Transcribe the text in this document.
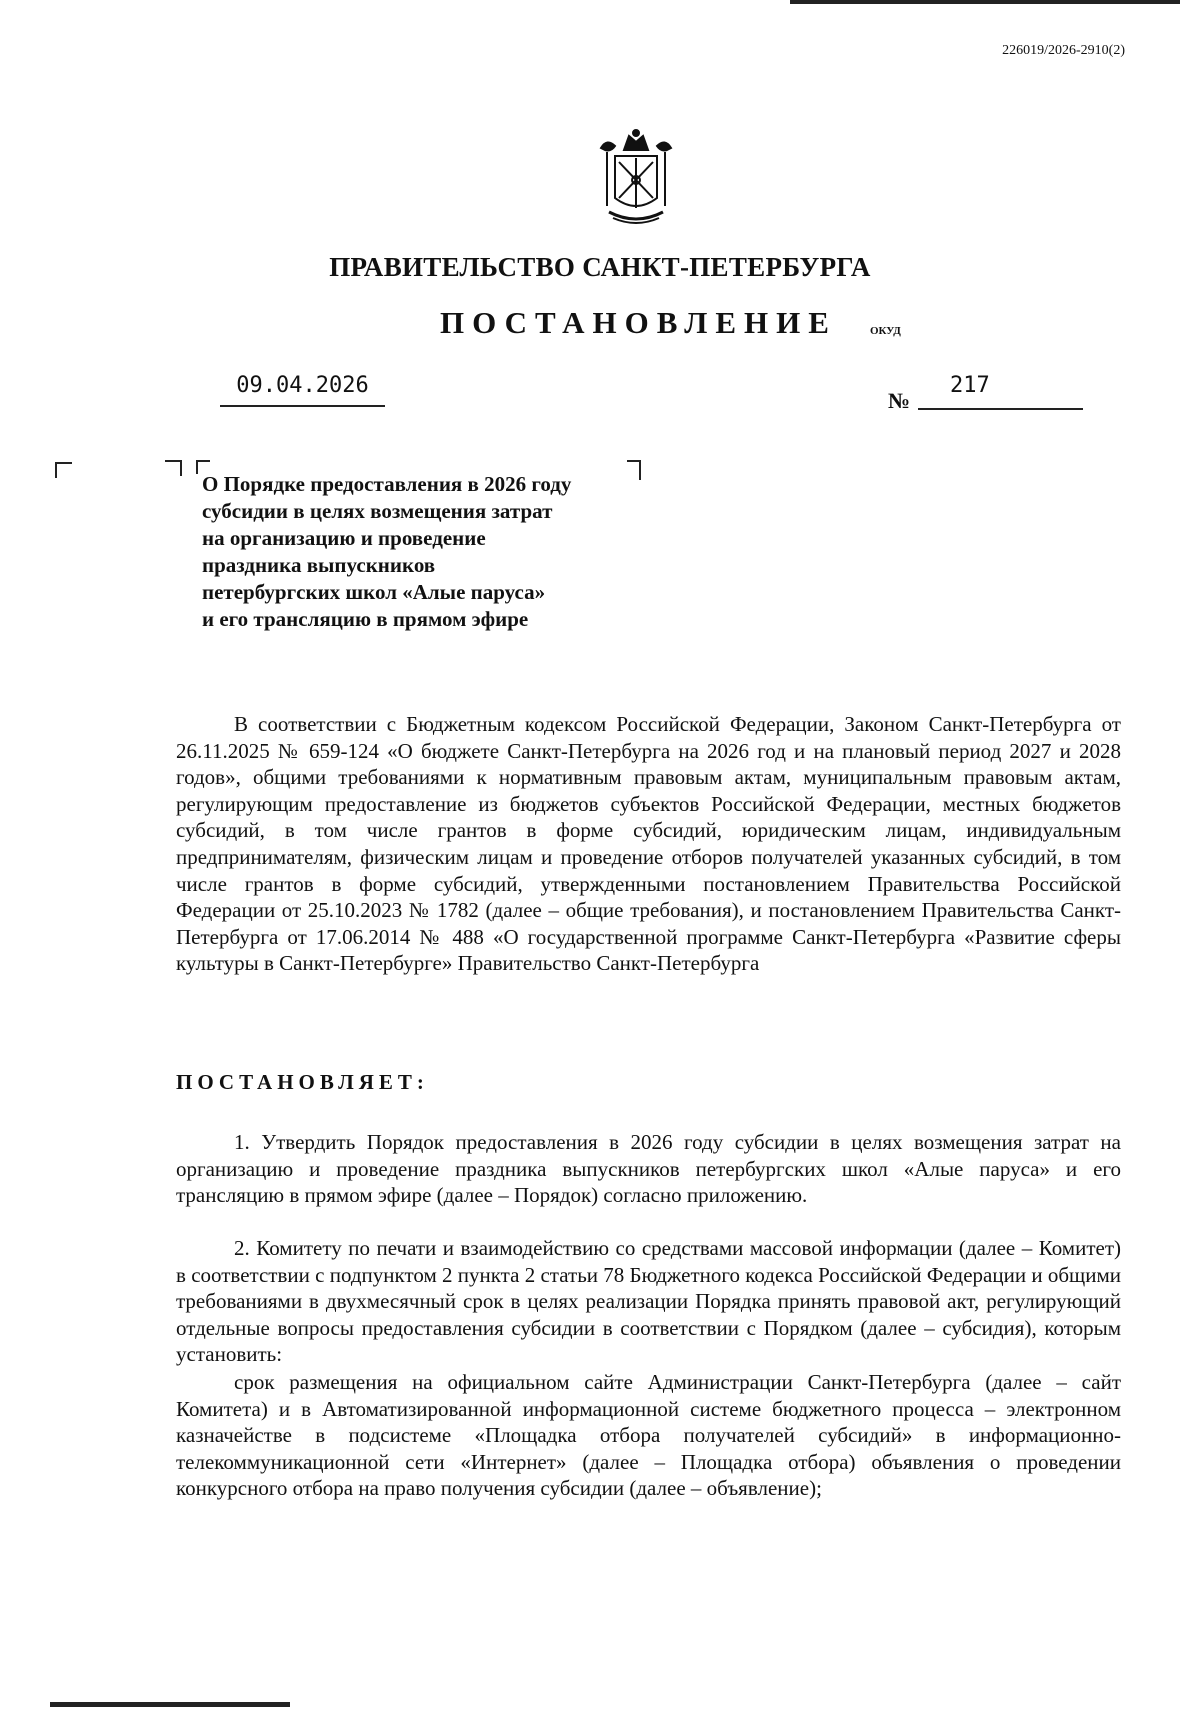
226019/2026-2910(2)
ПРАВИТЕЛЬСТВО САНКТ-ПЕТЕРБУРГА
ПОСТАНОВЛЕНИЕ	ОКУД
09.04.2026
№
217
О Порядке предоставления в 2026 году
субсидии в целях возмещения затрат
на организацию и проведение
праздника выпускников
петербургских школ «Алые паруса»
и его трансляцию в прямом эфире
В соответствии с Бюджетным кодексом Российской Федерации, Законом Санкт-Петербурга от 26.11.2025 № 659-124 «О бюджете Санкт-Петербурга на 2026 год и на плановый период 2027 и 2028 годов», общими требованиями к нормативным правовым актам, муниципальным правовым актам, регулирующим предоставление из бюджетов субъектов Российской Федерации, местных бюджетов субсидий, в том числе грантов в форме субсидий, юридическим лицам, индивидуальным предпринимателям, физическим лицам и проведение отборов получателей указанных субсидий, в том числе грантов в форме субсидий, утвержденными постановлением Правительства Российской Федерации от 25.10.2023 № 1782 (далее – общие требования), и постановлением Правительства Санкт-Петербурга от 17.06.2014 № 488 «О государственной программе Санкт-Петербурга «Развитие сферы культуры в Санкт-Петербурге» Правительство Санкт-Петербурга
ПОСТАНОВЛЯЕТ:
1. Утвердить Порядок предоставления в 2026 году субсидии в целях возмещения затрат на организацию и проведение праздника выпускников петербургских школ «Алые паруса» и его трансляцию в прямом эфире (далее – Порядок) согласно приложению.
2. Комитету по печати и взаимодействию со средствами массовой информации (далее – Комитет) в соответствии с подпунктом 2 пункта 2 статьи 78 Бюджетного кодекса Российской Федерации и общими требованиями в двухмесячный срок в целях реализации Порядка принять правовой акт, регулирующий отдельные вопросы предоставления субсидии в соответствии с Порядком (далее – субсидия), которым установить:
срок размещения на официальном сайте Администрации Санкт-Петербурга (далее – сайт Комитета) и в Автоматизированной информационной системе бюджетного процесса – электронном казначействе в подсистеме «Площадка отбора получателей субсидий» в информационно-телекоммуникационной сети «Интернет» (далее – Площадка отбора) объявления о проведении конкурсного отбора на право получения субсидии (далее – объявление);
